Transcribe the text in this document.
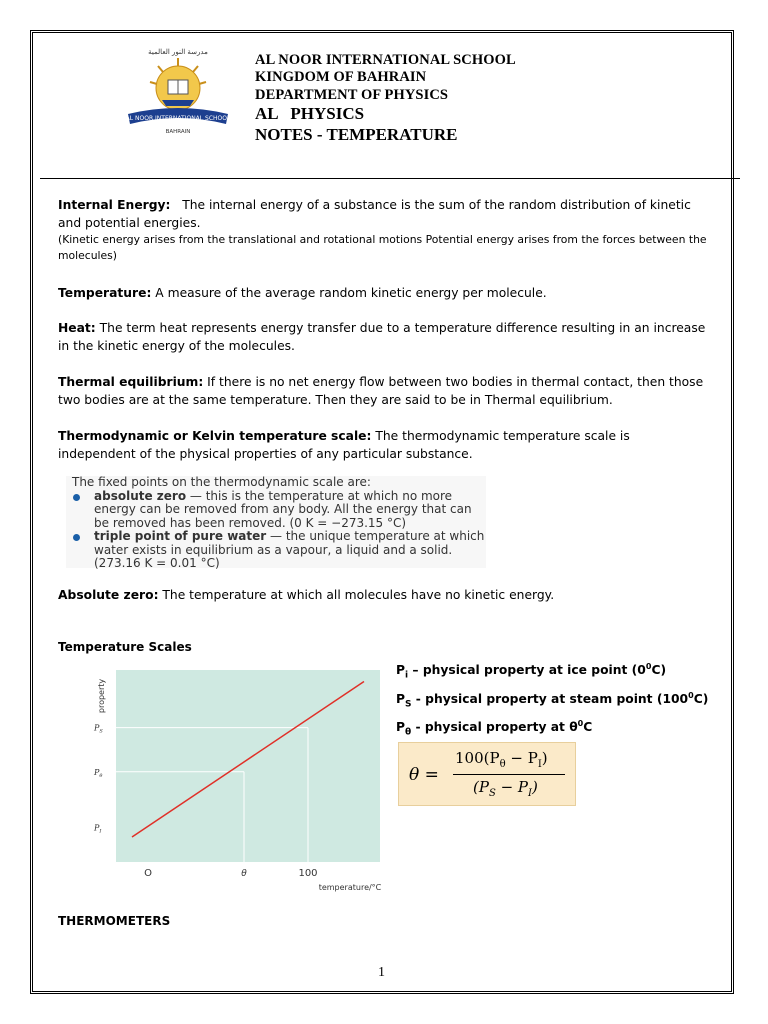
مدرسة النور العالمية
AL NOOR INTERNATIONAL SCHOOL
BAHRAIN
AL NOOR INTERNATIONAL SCHOOL
KINGDOM OF BAHRAIN
DEPARTMENT OF PHYSICS
AL   PHYSICS
NOTES - TEMPERATURE
Internal Energy:   The internal energy of a substance is the sum of the random distribution of kinetic and potential energies.
(Kinetic energy arises from the translational and rotational motions Potential energy arises from the forces between the molecules)
Temperature: A measure of the average random kinetic energy per molecule.
Heat: The term heat represents energy transfer due to a temperature difference resulting in an increase in the kinetic energy of the molecules.
Thermal equilibrium: If there is no net energy flow between two bodies in thermal contact, then those two bodies are at the same temperature. Then they are said to be in Thermal equilibrium.
Thermodynamic or Kelvin temperature scale: The thermodynamic temperature scale is independent of the physical properties of any particular substance.
The fixed points on the thermodynamic scale are:
absolute zero — this is the temperature at which no more energy can be removed from any body. All the energy that can be removed has been removed. (0 K = −273.15 °C)
triple point of pure water — the unique temperature at which water exists in equilibrium as a vapour, a liquid and a solid. (273.16 K = 0.01 °C)
Absolute zero: The temperature at which all molecules have no kinetic energy.
Temperature Scales
O	θ	100
$P_S$
$P_\theta$
$P_I$
temperature/°C
property
$P_i$ – physical property at ice point $(0^0C)$
$P_S$ - physical property at steam point $(100^0C)$
$P_\theta$ - physical property at $\theta^0C$
θ =
$100(P_\theta - P_I)$
$(P_S - P_I)$
THERMOMETERS
1
